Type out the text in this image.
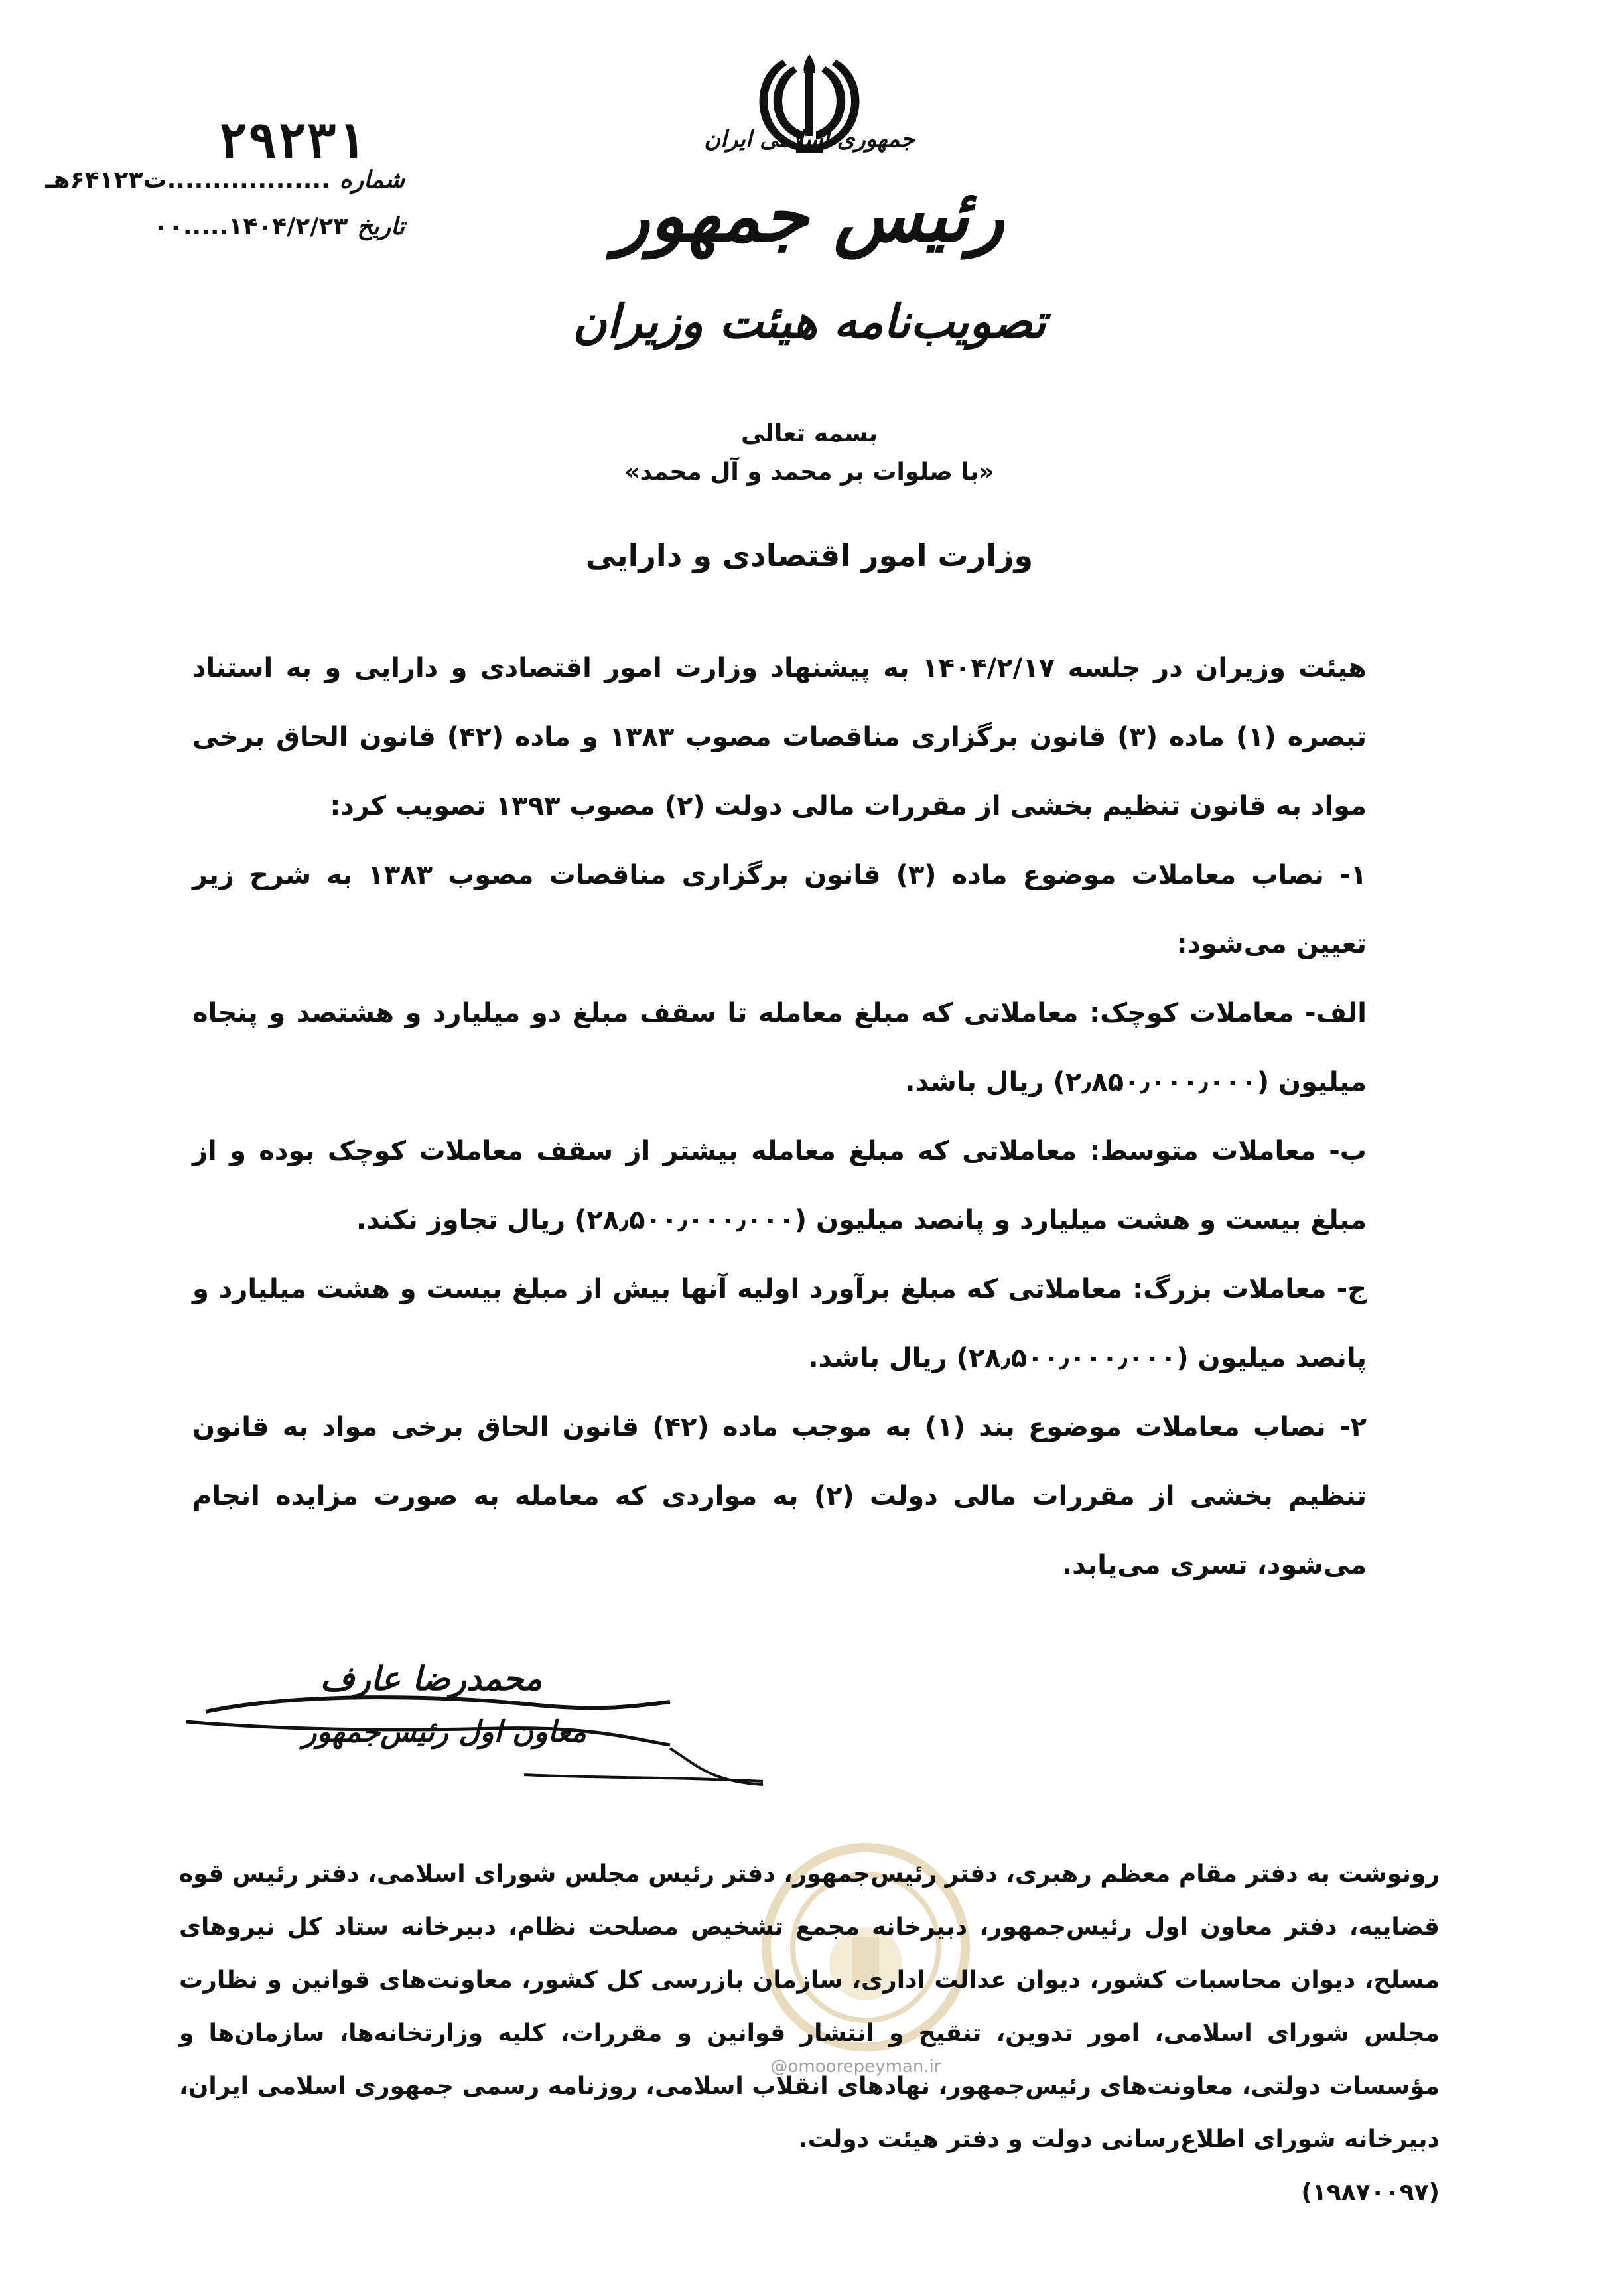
جمهوری اسلامی ایران
رئیس جمهور
تصویب‌نامه هیئت وزیران
۲۹۲۳۱
شماره
..................ت۶۴۱۲۳هـ
تاریخ
۱۴۰۴/۲/۲۳.....۰۰
بسمه تعالی
«با صلوات بر محمد و آل محمد»
وزارت امور اقتصادی و دارایی

هیئت وزیران در جلسه ۱۴۰۴/۲/۱۷ به پیشنهاد وزارت امور اقتصادی و دارایی و به استناد تبصره (۱) ماده (۳) قانون برگزاری مناقصات مصوب ۱۳۸۳ و ماده (۴۲) قانون الحاق برخی مواد به قانون تنظیم بخشی از مقررات مالی دولت (۲) مصوب ۱۳۹۳ تصویب کرد:

۱- نصاب معاملات موضوع ماده (۳) قانون برگزاری مناقصات مصوب ۱۳۸۳ به شرح زیر تعیین می‌شود:

الف- معاملات کوچک: معاملاتی که مبلغ معامله تا سقف مبلغ دو میلیارد و هشتصد و پنجاه میلیون (۲٫۸۵۰٫۰۰۰٫۰۰۰) ریال باشد.

ب- معاملات متوسط: معاملاتی که مبلغ معامله بیشتر از سقف معاملات کوچک بوده و از مبلغ بیست و هشت میلیارد و پانصد میلیون (۲۸٫۵۰۰٫۰۰۰٫۰۰۰) ریال تجاوز نکند.

ج- معاملات بزرگ: معاملاتی که مبلغ برآورد اولیه آنها بیش از مبلغ بیست و هشت میلیارد و پانصد میلیون (۲۸٫۵۰۰٫۰۰۰٫۰۰۰) ریال باشد.

۲- نصاب معاملات موضوع بند (۱) به موجب ماده (۴۲) قانون الحاق برخی مواد به قانون تنظیم بخشی از مقررات مالی دولت (۲) به مواردی که معامله به صورت مزایده انجام می‌شود، تسری می‌یابد.

محمدرضا عارف
معاون اول رئیس‌جمهور
@omoorepeyman.ir
رونوشت به دفتر مقام معظم رهبری، دفتر رئیس‌جمهور، دفتر رئیس مجلس شورای اسلامی، دفتر رئیس قوه قضاییه، دفتر معاون اول رئیس‌جمهور، دبیرخانه مجمع تشخیص مصلحت نظام، دبیرخانه ستاد کل نیروهای مسلح، دیوان محاسبات کشور، دیوان عدالت اداری، سازمان بازرسی کل کشور، معاونت‌های قوانین و نظارت مجلس شورای اسلامی، امور تدوین، تنقیح و انتشار قوانین و مقررات، کلیه وزارتخانه‌ها، سازمان‌ها و مؤسسات دولتی، معاونت‌های رئیس‌جمهور، نهادهای انقلاب اسلامی، روزنامه رسمی جمهوری اسلامی ایران، دبیرخانه شورای اطلاع‌رسانی دولت و دفتر هیئت دولت.
(۱۹۸۷۰۰۹۷)
